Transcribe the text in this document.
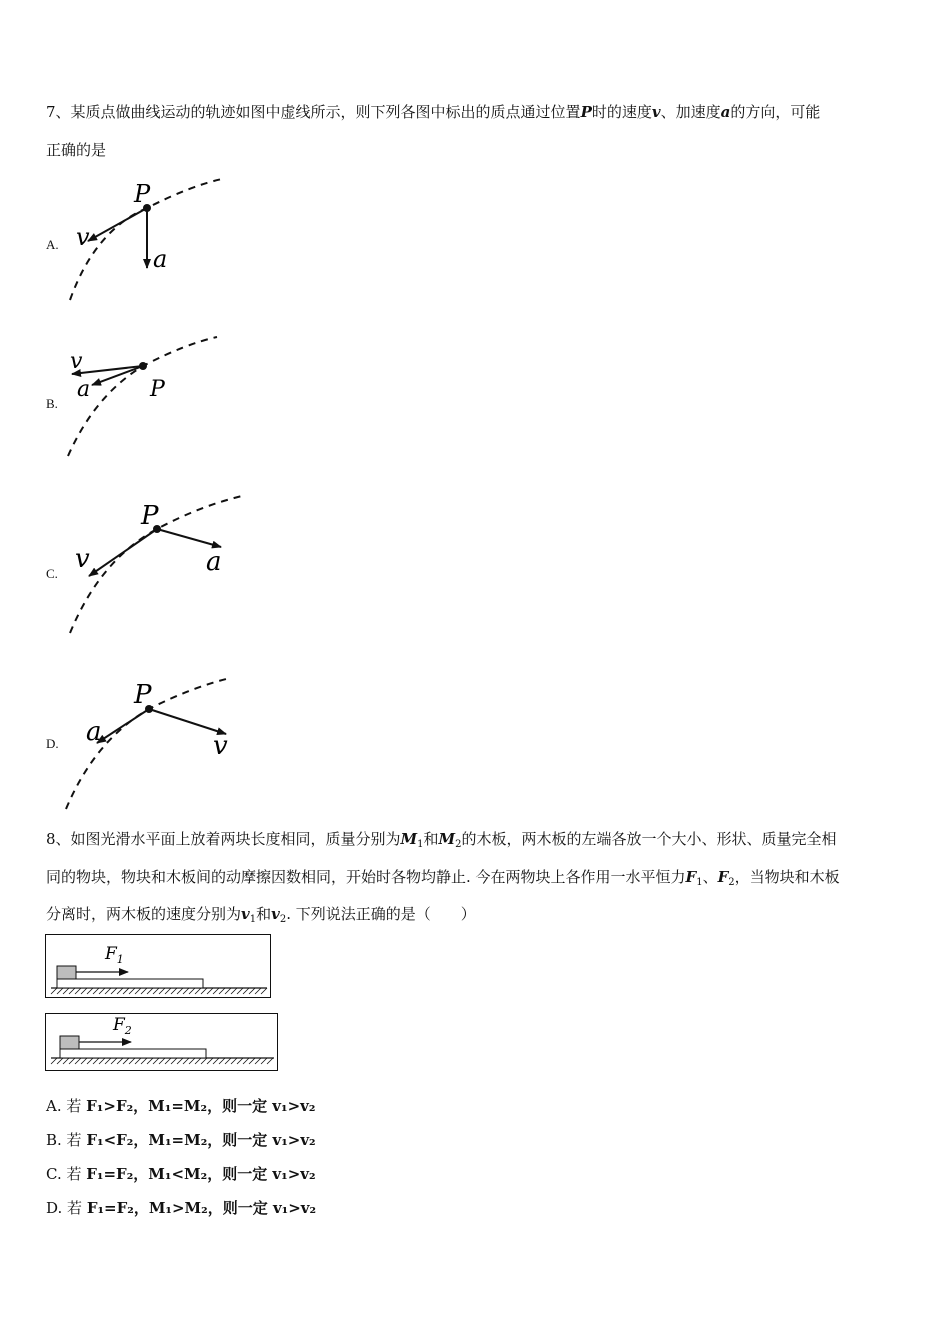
7、某质点做曲线运动的轨迹如图中虚线所示，则下列各图中标出的质点通过位置P时的速度v、加速度a的方向，可能
正确的是
A.
P
v
a
B.
v
a	P
C.
P
v	a
D.
P
a	v
8、如图光滑水平面上放着两块长度相同，质量分别为$M_1$和$M_2$的木板，两木板的左端各放一个大小、形状、质量完全相
同的物块，物块和木板间的动摩擦因数相同，开始时各物均静止. 今在两物块上各作用一水平恒力$F_1$、$F_2$，当物块和木板
分离时，两木板的速度分别为$v_1$和$v_2$. 下列说法正确的是（　　）
$F_1$
$F_2$
A. 若 F₁>F₂，M₁=M₂，则一定 v₁>v₂
B. 若 F₁<F₂，M₁=M₂，则一定 v₁>v₂
C. 若 F₁=F₂，M₁<M₂，则一定 v₁>v₂
D. 若 F₁=F₂，M₁>M₂，则一定 v₁>v₂
